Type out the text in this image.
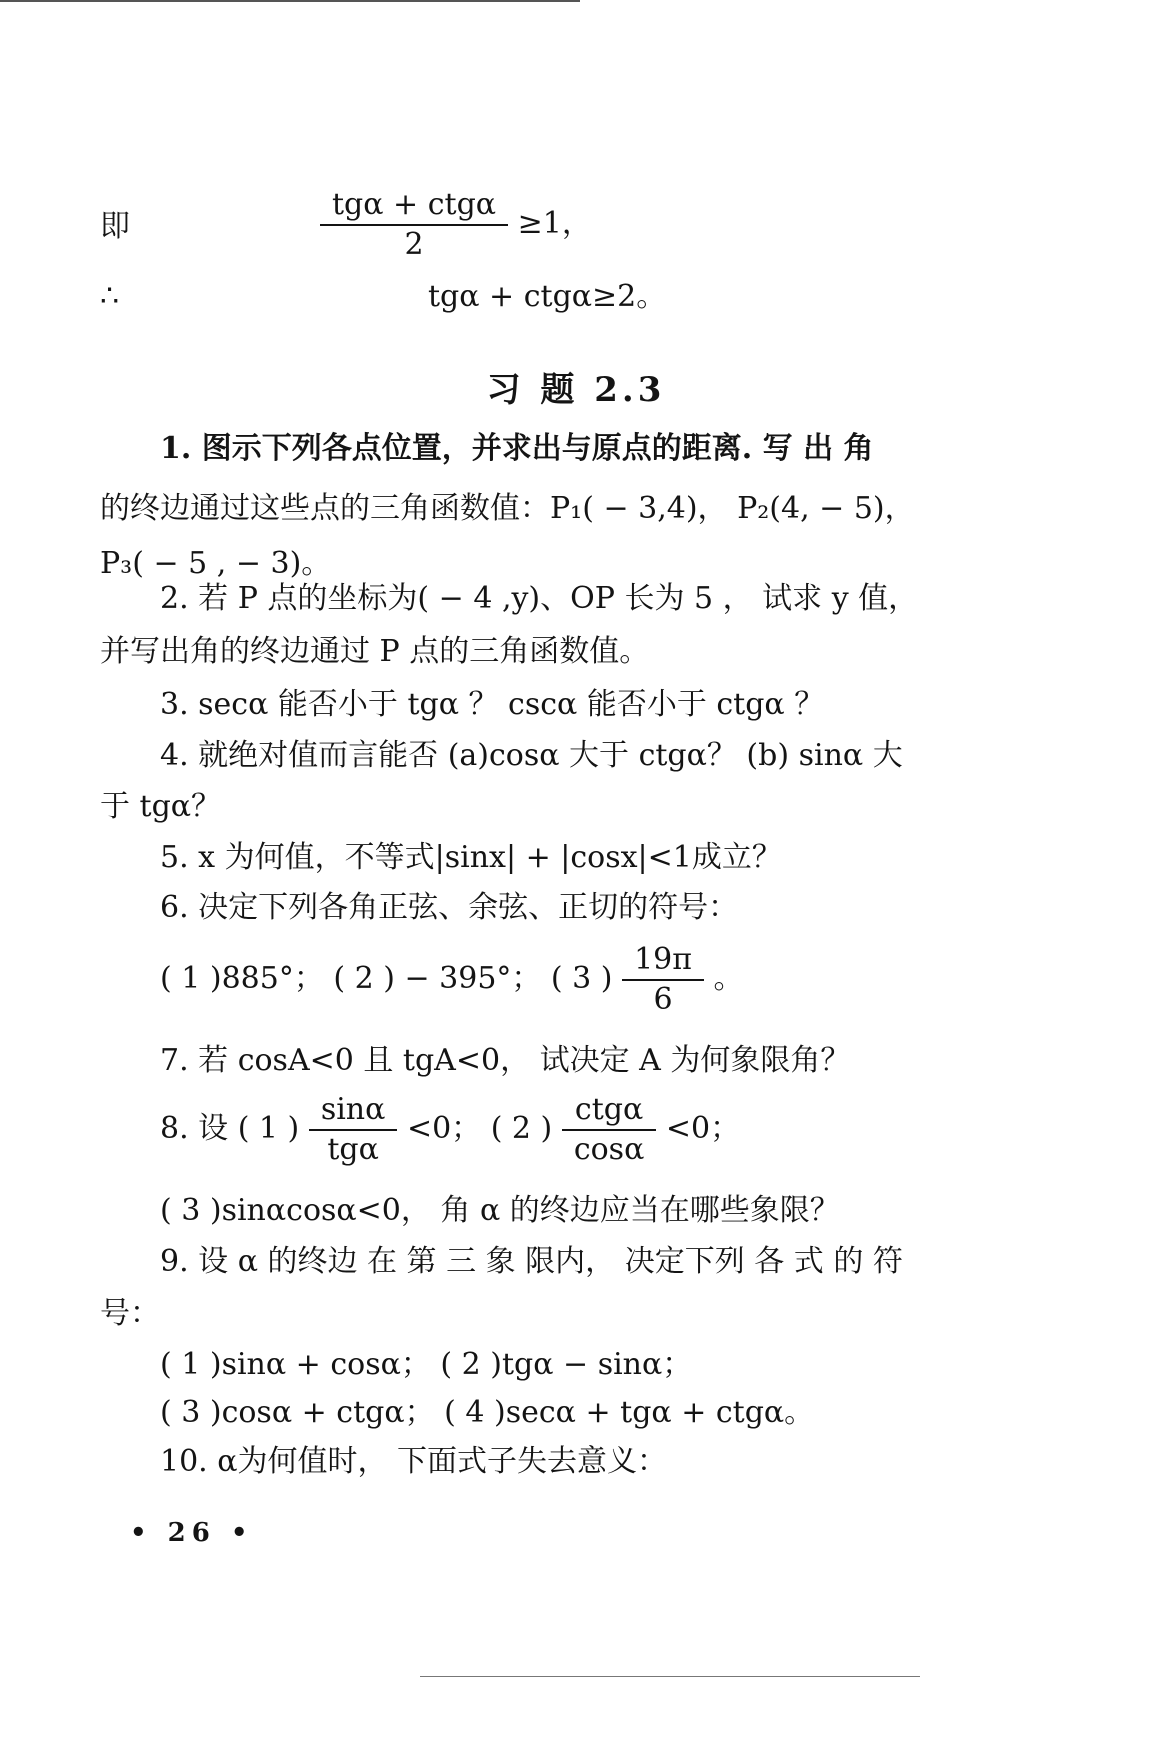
即	$\frac{\text{tgα + ctgα}}{2} \ge 1$，
∴	tgα + ctgα≥2。
习 题 2.3
1. 图示下列各点位置，并求出与原点的距离. 写 出 角
的终边通过这些点的三角函数值：P₁( − 3,4)， P₂(4, − 5)，
P₃( − 5 , − 3)。
2. 若 P 点的坐标为( − 4 ,y)、OP 长为 5 ， 试求 y 值，
并写出角的终边通过 P 点的三角函数值。
3. secα 能否小于 tgα ？ cscα 能否小于 ctgα ？
4. 就绝对值而言能否 (a)cosα 大于 ctgα？ (b) sinα 大
于 tgα？
5. x 为何值，不等式|sinx| + |cosx|<1成立？
6. 决定下列各角正弦、余弦、正切的符号：
( 1 )885°； ( 2 ) − 395°； ( 3 ) $\frac{19\pi}{6}$ 。
7. 若 cosA<0 且 tgA<0， 试决定 A 为何象限角？
8. 设 ( 1 ) $\frac{\sin\alpha}{\text{tgα}} <0$； ( 2 ) $\frac{\text{ctgα}}{\cos\alpha} <0$；
( 3 )sinαcosα<0， 角 α 的终边应当在哪些象限？
9. 设 α 的终边 在 第 三 象 限内， 决定下列 各 式 的 符
号：
( 1 )sinα + cosα； ( 2 )tgα − sinα；
( 3 )cosα + ctgα； ( 4 )secα + tgα + ctgα。
10. α为何值时， 下面式子失去意义：
• 26 •
